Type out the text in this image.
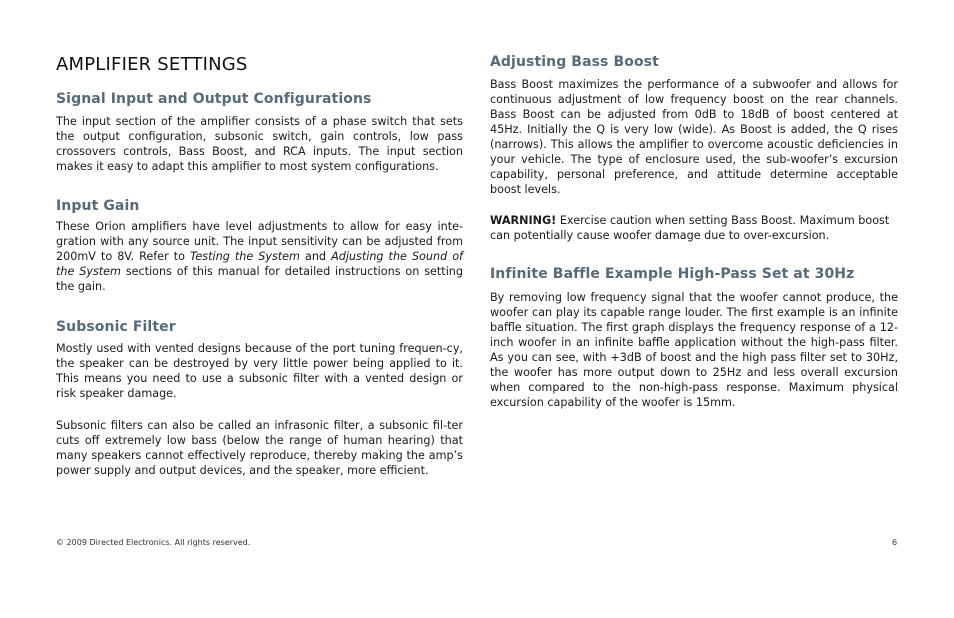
AMPLIFIER SETTINGS
Signal Input and Output Configurations

The input section of the amplifier consists of a phase switch that sets the output configuration, subsonic switch, gain controls, low pass crossovers controls, Bass Boost, and RCA inputs. The input section makes it easy to adapt this amplifier to most system configurations.

Input Gain

These Orion amplifiers have level adjustments to allow for easy inte-gration with any source unit. The input sensitivity can be adjusted from 200mV to 8V. Refer to Testing the System and Adjusting the Sound of the System sections of this manual for detailed instructions on setting the gain.

Subsonic Filter

Mostly used with vented designs because of the port tuning frequen-cy, the speaker can be destroyed by very little power being applied to it. This means you need to use a subsonic filter with a vented design or risk speaker damage.

Subsonic filters can also be called an infrasonic filter, a subsonic fil-ter cuts off extremely low bass (below the range of human hearing) that many speakers cannot effectively reproduce, thereby making the amp’s power supply and output devices, and the speaker, more efficient.

Adjusting Bass Boost

Bass Boost maximizes the performance of a subwoofer and allows for continuous adjustment of low frequency boost on the rear channels. Bass Boost can be adjusted from 0dB to 18dB of boost centered at 45Hz. Initially the Q is very low (wide). As Boost is added, the Q rises (narrows). This allows the amplifier to overcome acoustic deficiencies in your vehicle. The type of enclosure used, the sub-woofer’s excursion capability, personal preference, and attitude determine acceptable boost levels.

WARNING! Exercise caution when setting Bass Boost. Maximum boost can potentially cause woofer damage due to over-excursion.

Infinite Baffle Example High-Pass Set at 30Hz

By removing low frequency signal that the woofer cannot produce, the woofer can play its capable range louder. The first example is an infinite baffle situation. The first graph displays the frequency response of a 12-inch woofer in an infinite baffle application without the high-pass filter. As you can see, with +3dB of boost and the high pass filter set to 30Hz, the woofer has more output down to 25Hz and less overall excursion when compared to the non-high-pass response. Maximum physical excursion capability of the woofer is 15mm.

© 2009 Directed Electronics. All rights reserved.	6
